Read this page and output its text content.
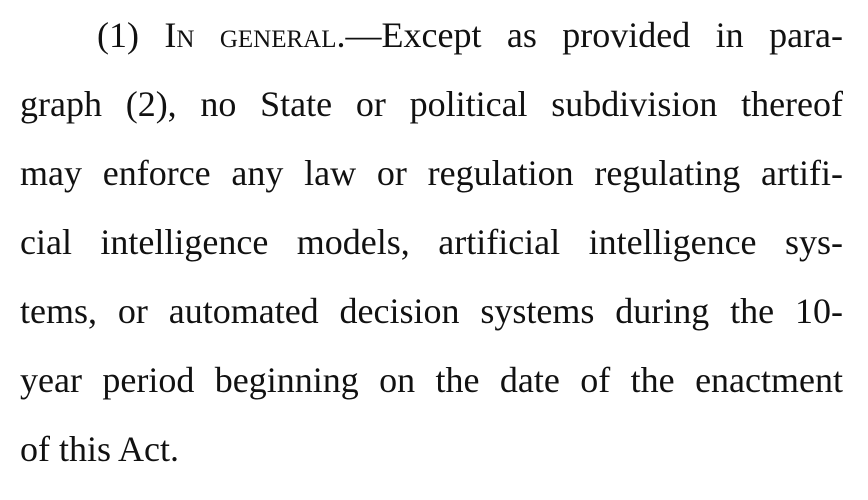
(1) In general.—Except as provided in para-
graph (2), no State or political subdivision thereof
may enforce any law or regulation regulating artifi-
cial intelligence models, artificial intelligence sys-
tems, or automated decision systems during the 10-
year period beginning on the date of the enactment
of this Act.
